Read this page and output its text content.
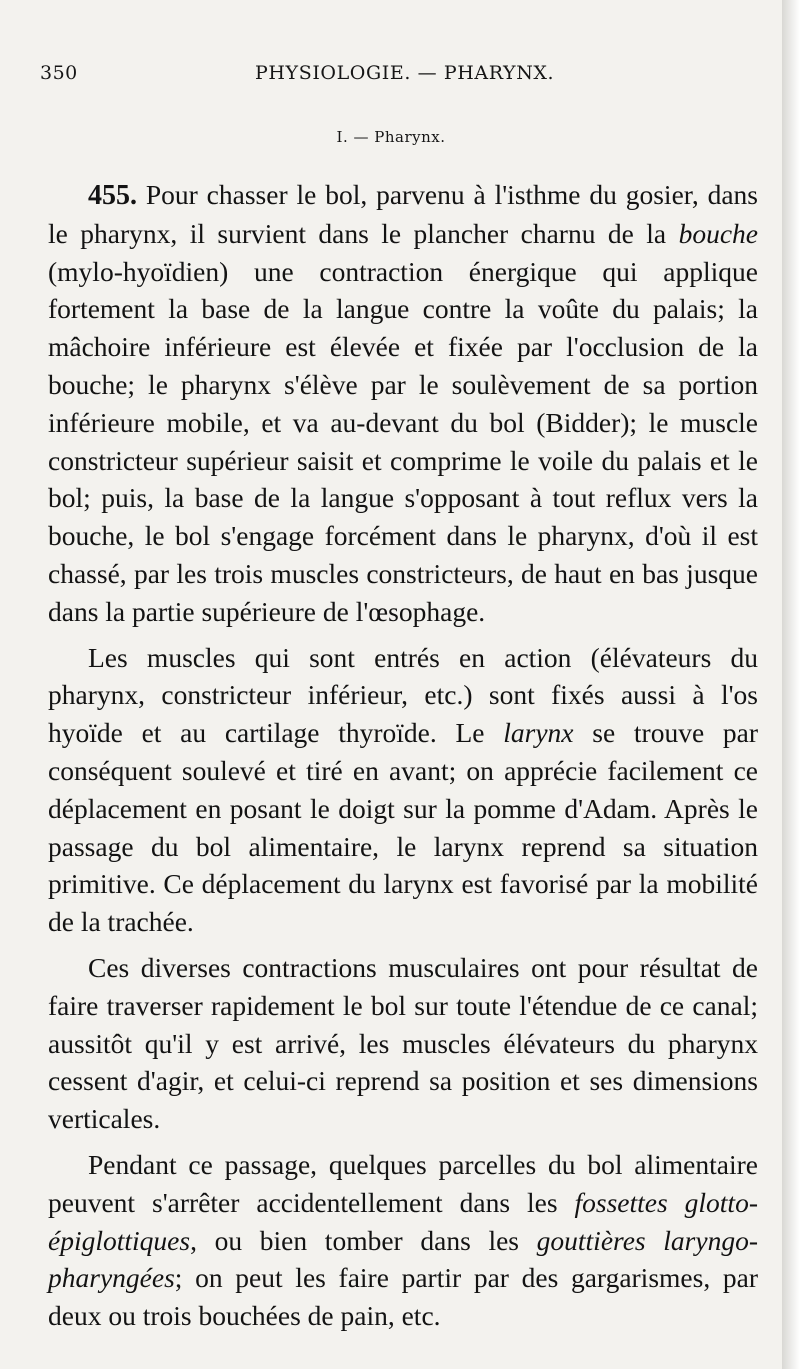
350	PHYSIOLOGIE. — PHARYNX.
I. — Pharynx.

455. Pour chasser le bol, parvenu à l'isthme du gosier, dans le pharynx, il survient dans le plancher charnu de la bouche (mylo-hyoïdien) une contraction énergique qui applique fortement la base de la langue contre la voûte du palais; la mâchoire inférieure est élevée et fixée par l'occlusion de la bouche; le pharynx s'élève par le soulèvement de sa portion inférieure mobile, et va au-devant du bol (Bidder); le muscle constricteur supérieur saisit et comprime le voile du palais et le bol; puis, la base de la langue s'opposant à tout reflux vers la bouche, le bol s'engage forcément dans le pharynx, d'où il est chassé, par les trois muscles constricteurs, de haut en bas jusque dans la partie supérieure de l'œsophage.

Les muscles qui sont entrés en action (élévateurs du pharynx, constricteur inférieur, etc.) sont fixés aussi à l'os hyoïde et au cartilage thyroïde. Le larynx se trouve par conséquent soulevé et tiré en avant; on apprécie facilement ce déplacement en posant le doigt sur la pomme d'Adam. Après le passage du bol alimentaire, le larynx reprend sa situation primitive. Ce déplacement du larynx est favorisé par la mobilité de la trachée.

Ces diverses contractions musculaires ont pour résultat de faire traverser rapidement le bol sur toute l'étendue de ce canal; aussitôt qu'il y est arrivé, les muscles élévateurs du pharynx cessent d'agir, et celui-ci reprend sa position et ses dimensions verticales.

Pendant ce passage, quelques parcelles du bol alimentaire peuvent s'arrêter accidentellement dans les fossettes glotto-épiglottiques, ou bien tomber dans les gouttières laryngo-pharyngées; on peut les faire partir par des gargarismes, par deux ou trois bouchées de pain, etc.
